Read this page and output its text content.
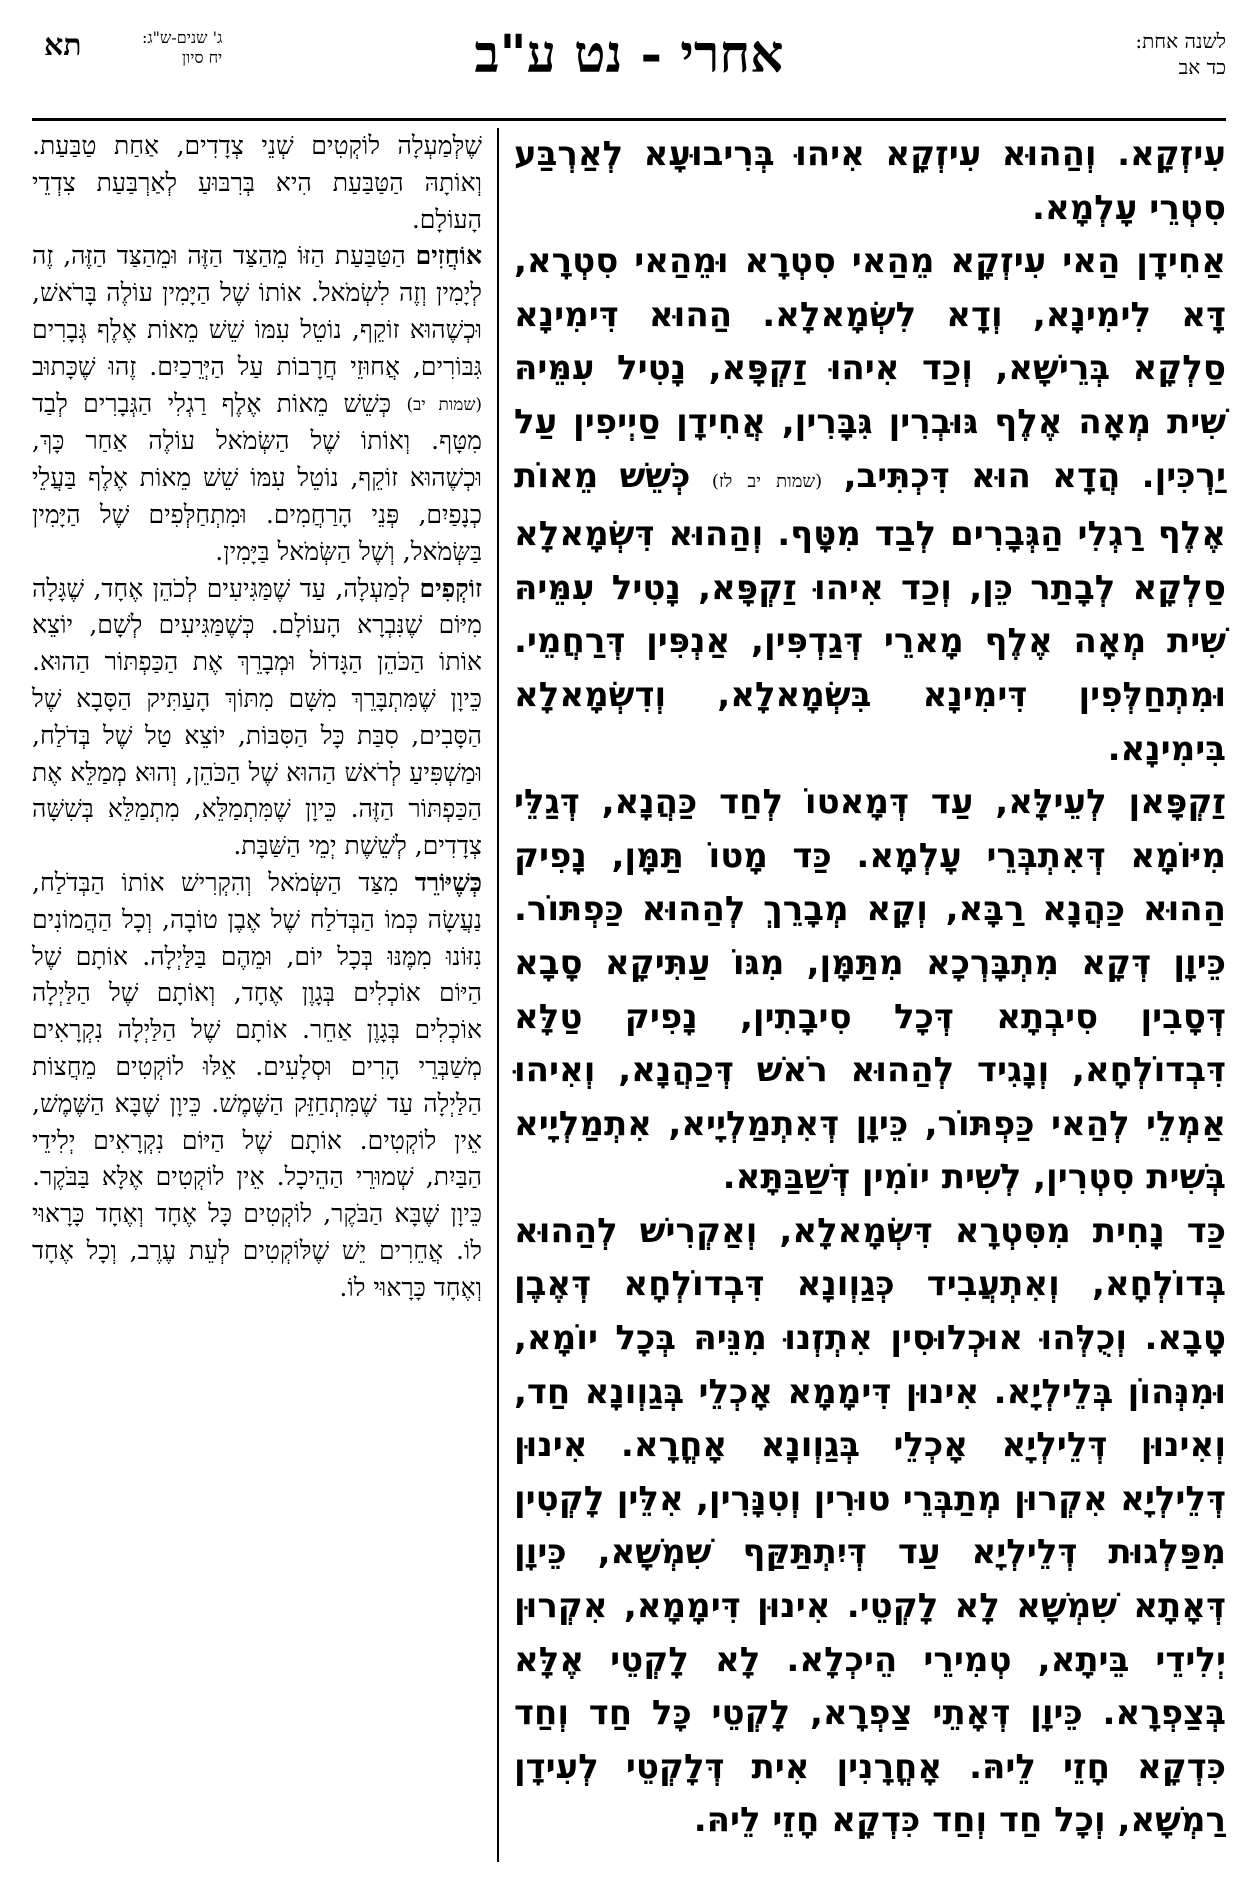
לשנה אחת:
כד אב
אחרי - נט ע"ב
ג' שנים-ש"ג:
יח סיון
תא

עִיזְקָא. וְהַהוּא עִיזְקָא אִיהוּ בְּרִיבוּעָא לְאַרְבַּע סִטְרֵי עָלְמָא.

אַחִידָן הַאי עִיזְקָא מֵהַאי סִטְרָא וּמֵהַאי סִטְרָא, דָּא לִימִינָא, וְדָא לִשְׂמָאלָא. הַהוּא דִּימִינָא סַלְקָא בְּרֵישָׁא, וְכַד אִיהוּ זַקְפָּא, נָטִיל עִמֵּיהּ שִׁית מְאָה אֶלֶף גּוּבְרִין גִּבָּרִין, אֲחִידָן סַיְיפִין עַל יַרְכִּין. הֲדָא הוּא דִּכְתִּיב, (שמות יב לז) כְּשֵׁשׁ מֵאוֹת אֶלֶף רַגְלִי הַגְּבָרִים לְבַד מִטָּף. וְהַהוּא דִּשְׂמָאלָא סַלְקָא לְבָתַר כֵּן, וְכַד אִיהוּ זַקְפָּא, נָטִיל עִמֵּיהּ שִׁית מְאָה אֶלֶף מָארֵי דְּגַדְפִּין, אַנְפִּין דְּרַחֲמֵי. וּמִתְחַלְּפִין דִּימִינָא בִּשְׂמָאלָא, וְדִשְׂמָאלָא בִּימִינָא.

זַקְפָּאן לְעֵילָּא, עַד דְּמָאטוֹ לְחַד כַּהֲנָא, דְּגַלֵּי מִיּוֹמָא דְּאִתְבְּרֵי עָלְמָא. כַּד מָטוֹ תַּמָּן, נָפִיק הַהוּא כַּהֲנָא רַבָּא, וְקָא מְבָרֵךְ לְהַהוּא כַּפְתּוֹר. כֵּיוָן דְּקָא מִתְבָּרְכָא מִתַּמָּן, מִגּוֹ עַתִּיקָא סָבָא דְּסָבִין סִיבְתָא דְּכָל סִיבָתִין, נָפִיק טַלָּא דִּבְדוֹלְחָא, וְנָגִיד לְהַהוּא רֹאשׁ דְּכַהֲנָא, וְאִיהוּ אַמְלֵי לְהַאי כַּפְתּוֹר, כֵּיוָן דְּאִתְמַלְיָיא, אִתְמַלְיָיא בְּשִׁית סִטְרִין, לְשִׁית יוֹמִין דְּשַׁבַּתָּא.

כַּד נָחִית מִסִּטְרָא דִּשְׂמָאלָא, וְאַקְרִישׁ לְהַהוּא בְּדוֹלְחָא, וְאִתְעֲבִיד כְּגַוְונָא דִּבְדוֹלְחָא דְּאֶבֶן טָבָא. וְכֻלְּהוּ אוּכְלוּסִין אִתְזְנוּ מִנֵּיהּ בְּכָל יוֹמָא, וּמִנְּהוֹן בְּלֵילְיָא. אִינוּן דִּימָמָא אָכְלֵי בְּגַוְונָא חַד, וְאִינוּן דְּלֵילְיָא אָכְלֵי בְּגַוְונָא אָחֳרָא. אִינוּן דְּלֵילְיָא אִקְרוּן מְתַבְּרֵי טוּרִין וְטִנָּרִין, אִלֵּין לָקְטִין מִפַּלְגוּת דְּלֵילְיָא עַד דְּיִתְתַּקַּף שִׁמְשָׁא, כֵּיוָן דְּאָתָא שִׁמְשָׁא לָא לָקְטֵי. אִינוּן דִּימָמָא, אִקְרוּן יְלִידֵי בֵּיתָא, טְמִירֵי הֵיכְלָא. לָא לָקְטֵי אֶלָּא בְּצַפְרָא. כֵּיוָן דְּאָתֵי צַפְרָא, לָקְטֵי כָּל חַד וְחַד כִּדְקָא חָזֵי לֵיהּ. אָחֳרָנִין אִית דְּלָקְטֵי לְעִידָן רַמְשָׁא, וְכָל חַד וְחַד כִּדְקָא חָזֵי לֵיהּ.

שֶׁלְּמַעְלָה לוֹקְטִים שְׁנֵי צְדָדִים, אַחַת טַבַּעַת. וְאוֹתָהּ הַטַּבַּעַת הִיא בְּרִבּוּעַ לְאַרְבַּעַת צִדְדֵי הָעוֹלָם.

אוֹחֲזִים הַטַּבַּעַת הַזּוֹ מֵהַצַּד הַזֶּה וּמֵהַצַּד הַזֶּה, זֶה לְיָמִין וְזֶה לִשְׂמֹאל. אוֹתוֹ שֶׁל הַיָּמִין עוֹלֶה בָּרֹאשׁ, וּכְשֶׁהוּא זוֹקֵף, נוֹטֵל עִמּוֹ שֵׁשׁ מֵאוֹת אֶלֶף גְּבָרִים גִּבּוֹרִים, אֲחוּזֵי חֲרָבוֹת עַל הַיְּרֵכַיִם. זֶהוּ שֶׁכָּתוּב (שמות יב) כְּשֵׁשׁ מֵאוֹת אֶלֶף רַגְלִי הַגְּבָרִים לְבַד מִטָּף. וְאוֹתוֹ שֶׁל הַשְּׂמֹאל עוֹלֶה אַחַר כָּךְ, וּכְשֶׁהוּא זוֹקֵף, נוֹטֵל עִמּוֹ שֵׁשׁ מֵאוֹת אֶלֶף בַּעֲלֵי כְנָפַיִם, פְּנֵי הָרַחֲמִים. וּמִתְחַלְּפִים שֶׁל הַיָּמִין בַּשְּׂמֹאל, וְשֶׁל הַשְּׂמֹאל בַּיָּמִין.

זוֹקְפִים לְמַעְלָה, עַד שֶׁמַּגִּיעִים לְכֹהֵן אֶחָד, שֶׁגָּלָה מִיּוֹם שֶׁנִּבְרָא הָעוֹלָם. כְּשֶׁמַּגִּיעִים לְשָׁם, יוֹצֵא אוֹתוֹ הַכֹּהֵן הַגָּדוֹל וּמְבָרֵךְ אֶת הַכַּפְתּוֹר הַהוּא. כֵּיוָן שֶׁמִּתְבָּרֵךְ מִשָּׁם מִתּוֹךְ הָעַתִּיק הַסָּבָא שֶׁל הַסָּבִים, סִבַּת כָּל הַסִּבּוֹת, יוֹצֵא טַל שֶׁל בְּדֹלַח, וּמַשְׁפִּיעַ לְרֹאשׁ הַהוּא שֶׁל הַכֹּהֵן, וְהוּא מְמַלֵּא אֶת הַכַּפְתּוֹר הַזֶּה. כֵּיוָן שֶׁמִּתְמַלֵּא, מִתְמַלֵּא בְּשִׁשָּׁה צְדָדִים, לְשֵׁשֶׁת יְמֵי הַשַּׁבָּת.

כְּשֶׁיּוֹרֵד מִצַּד הַשְּׂמֹאל וְהִקְרִישׁ אוֹתוֹ הַבְּדֹלַח, נַעֲשָׂה כְּמוֹ הַבְּדֹלַח שֶׁל אֶבֶן טוֹבָה, וְכָל הַהֲמוֹנִים נִזּוֹנוּ מִמֶּנּוּ בְּכָל יוֹם, וּמֵהֶם בַּלַּיְלָה. אוֹתָם שֶׁל הַיּוֹם אוֹכְלִים בְּגָוֶן אֶחָד, וְאוֹתָם שֶׁל הַלַּיְלָה אוֹכְלִים בְּגָוֶן אַחֵר. אוֹתָם שֶׁל הַלַּיְלָה נִקְרָאִים מְשַׁבְּרֵי הָרִים וּסְלָעִים. אֵלּוּ לוֹקְטִים מֵחֲצוֹת הַלַּיְלָה עַד שֶׁמִּתְחַזֵּק הַשֶּׁמֶשׁ. כֵּיוָן שֶׁבָּא הַשֶּׁמֶשׁ, אֵין לוֹקְטִים. אוֹתָם שֶׁל הַיּוֹם נִקְרָאִים יְלִידֵי הַבַּיִת, שְׁמוּרֵי הַהֵיכָל. אֵין לוֹקְטִים אֶלָּא בַּבֹּקֶר. כֵּיוָן שֶׁבָּא הַבֹּקֶר, לוֹקְטִים כָּל אֶחָד וְאֶחָד כָּרָאוּי לוֹ. אֲחֵרִים יֵשׁ שֶׁלּוֹקְטִים לְעֵת עֶרֶב, וְכָל אֶחָד וְאֶחָד כָּרָאוּי לוֹ.
